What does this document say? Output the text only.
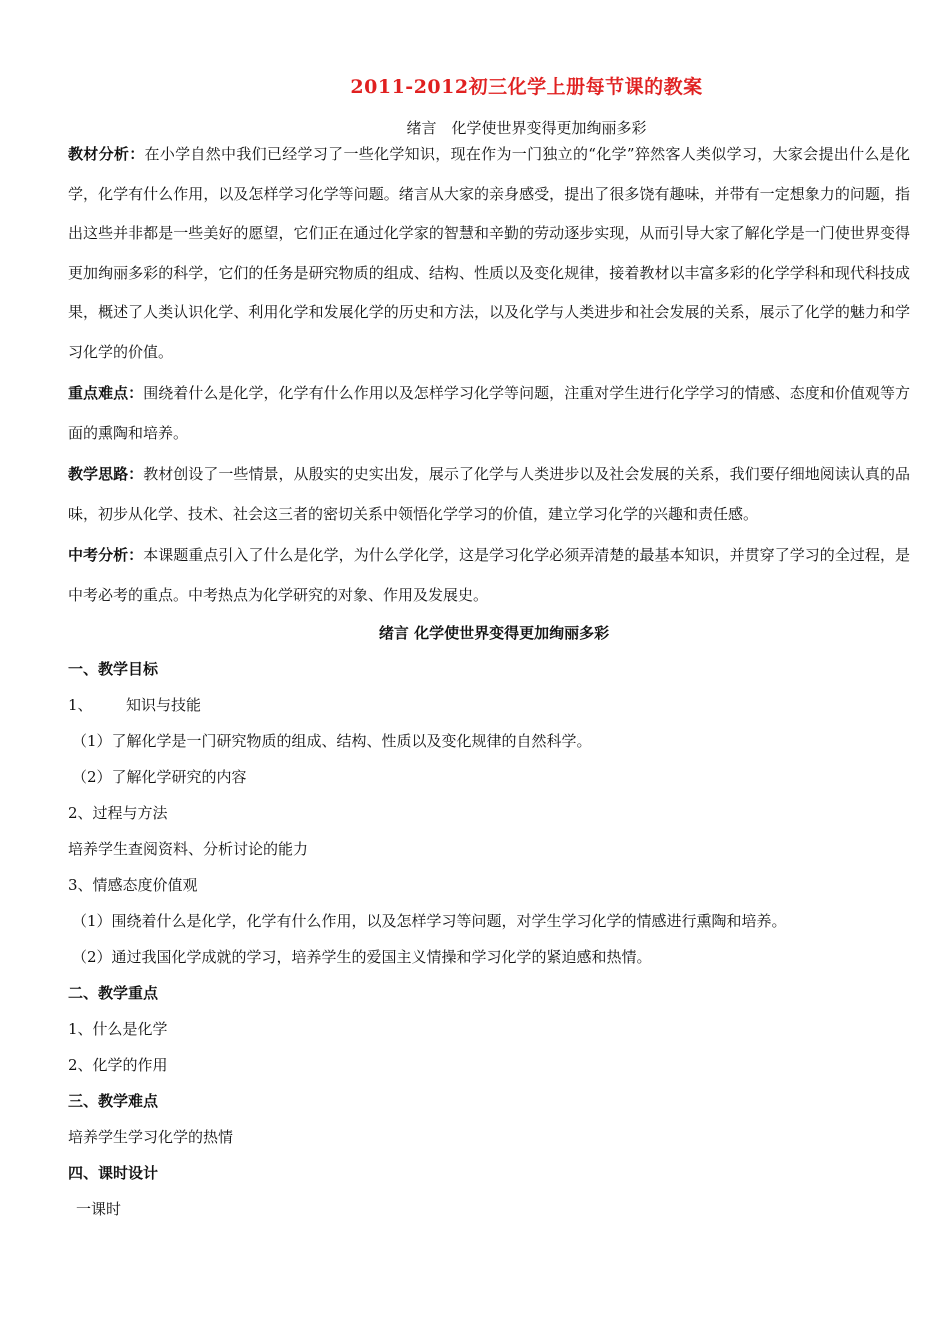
2011-2012初三化学上册每节课的教案
绪言　化学使世界变得更加绚丽多彩

教材分析：在小学自然中我们已经学习了一些化学知识，现在作为一门独立的“化学”猝然客人类似学习，大家会提出什么是化学，化学有什么作用，以及怎样学习化学等问题。绪言从大家的亲身感受，提出了很多饶有趣味，并带有一定想象力的问题，指出这些并非都是一些美好的愿望，它们正在通过化学家的智慧和辛勤的劳动逐步实现，从而引导大家了解化学是一门使世界变得更加绚丽多彩的科学，它们的任务是研究物质的组成、结构、性质以及变化规律，接着教材以丰富多彩的化学学科和现代科技成果，概述了人类认识化学、利用化学和发展化学的历史和方法，以及化学与人类进步和社会发展的关系，展示了化学的魅力和学习化学的价值。

重点难点：围绕着什么是化学，化学有什么作用以及怎样学习化学等问题，注重对学生进行化学学习的情感、态度和价值观等方面的熏陶和培养。

教学思路：教材创设了一些情景，从殷实的史实出发，展示了化学与人类进步以及社会发展的关系，我们要仔细地阅读认真的品味，初步从化学、技术、社会这三者的密切关系中领悟化学学习的价值，建立学习化学的兴趣和责任感。

中考分析：本课题重点引入了什么是化学，为什么学化学，这是学习化学必须弄清楚的最基本知识，并贯穿了学习的全过程，是中考必考的重点。中考热点为化学研究的对象、作用及发展史。

绪言 化学使世界变得更加绚丽多彩
一、教学目标
1、 知识与技能
（1）了解化学是一门研究物质的组成、结构、性质以及变化规律的自然科学。
（2）了解化学研究的内容
2、过程与方法
培养学生查阅资料、分析讨论的能力
3、情感态度价值观
（1）围绕着什么是化学，化学有什么作用，以及怎样学习等问题，对学生学习化学的情感进行熏陶和培养。
（2）通过我国化学成就的学习，培养学生的爱国主义情操和学习化学的紧迫感和热情。
二、教学重点
1、什么是化学
2、化学的作用
三、教学难点
培养学生学习化学的热情
四、课时设计
一课时
